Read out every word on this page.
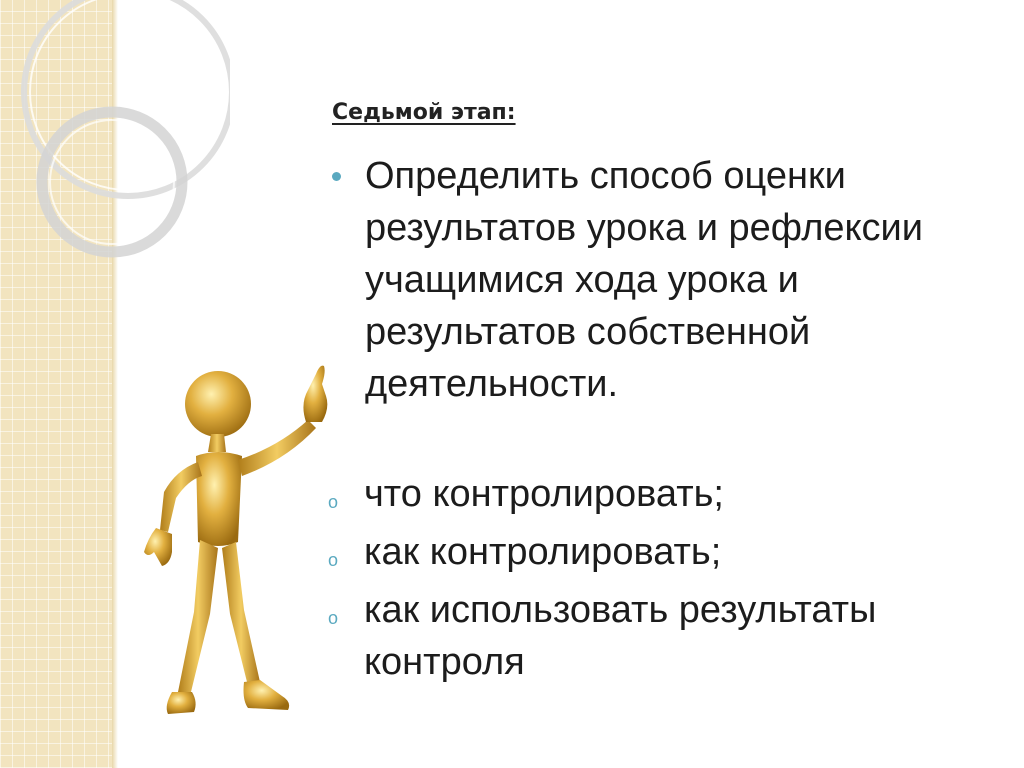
Седьмой этап:

Определить способ оценки результатов урока и рефлексии учащимися хода урока и результатов собственной деятельности.

o что контролировать;

o как контролировать;

o как использовать результаты контроля
